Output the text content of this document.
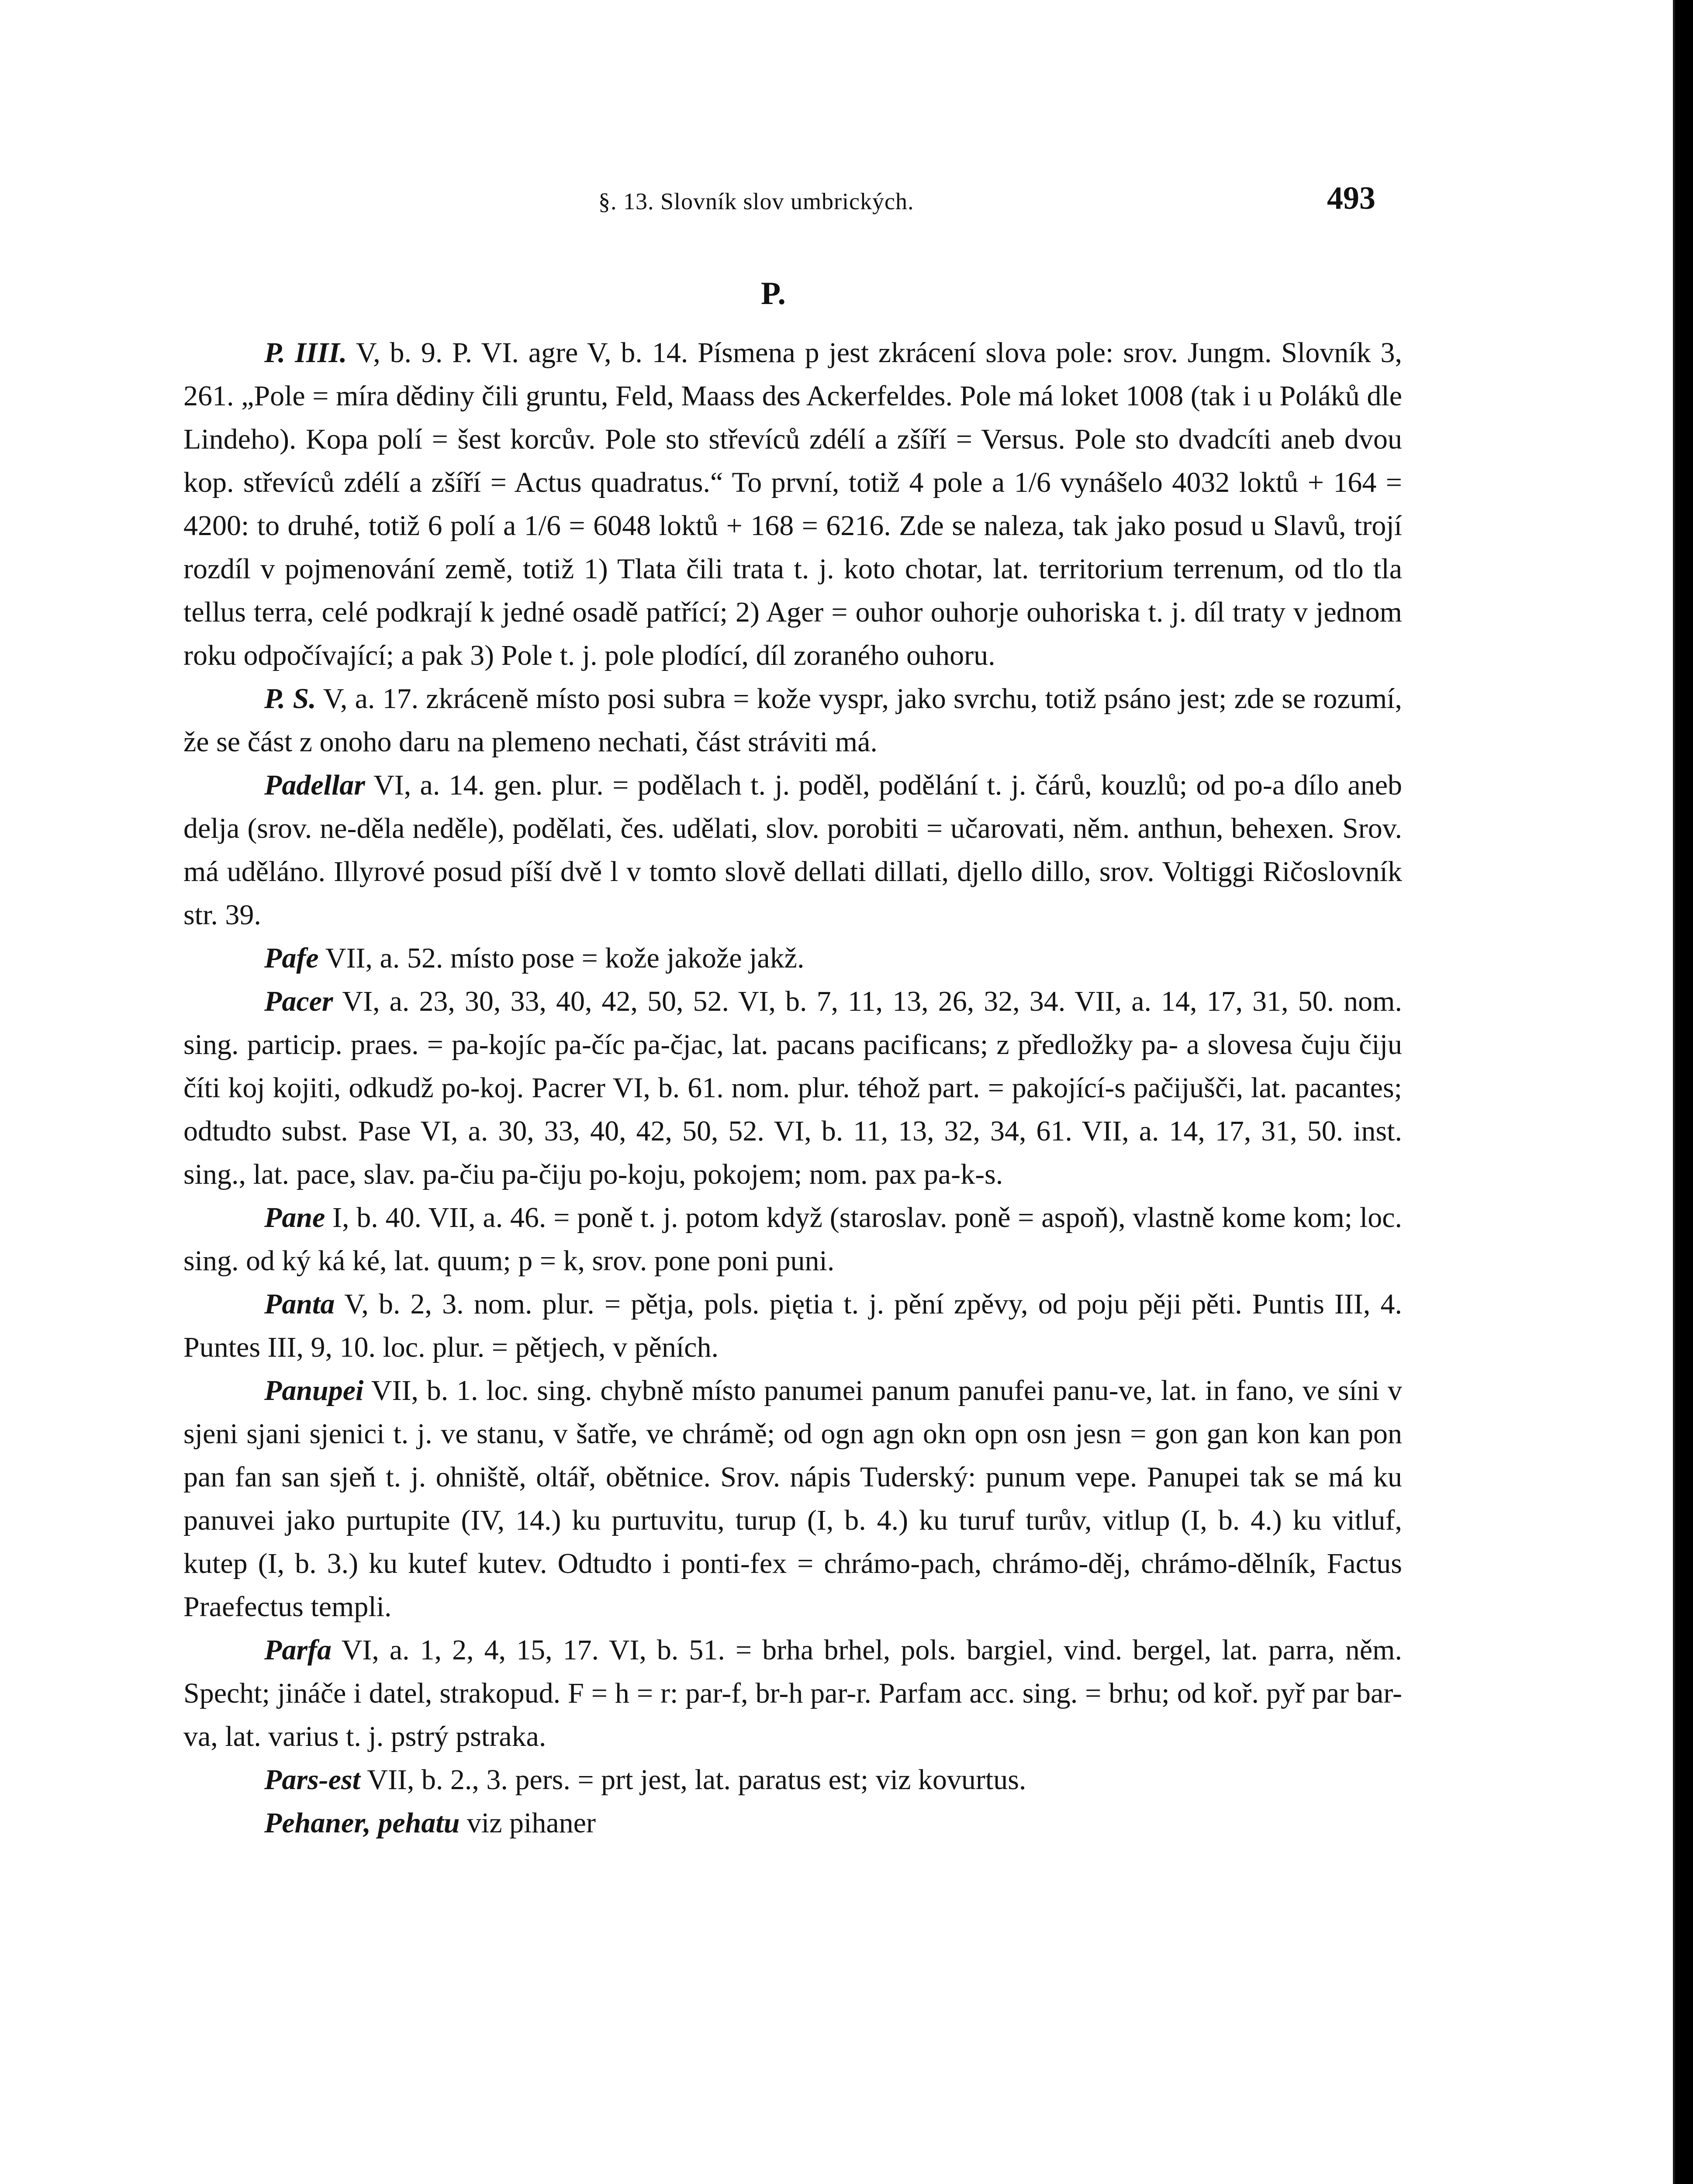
§. 13. Slovník slov umbrických.	493
P.

P. IIII. V, b. 9. P. VI. agre V, b. 14. Písmena p jest zkrácení slova pole: srov. Jungm. Slovník 3, 261. „Pole = míra dědiny čili gruntu, Feld, Maass des Ackerfeldes. Pole má loket 1008 (tak i u Poláků dle Lindeho). Kopa polí = šest korcův. Pole sto střevíců zdélí a zšíří = Versus. Pole sto dvadcíti aneb dvou kop. střevíců zdélí a zšíří = Actus quadratus.“ To první, totiž 4 pole a 1/6 vynášelo 4032 loktů + 164 = 4200: to druhé, totiž 6 polí a 1/6 = 6048 loktů + 168 = 6216. Zde se naleza, tak jako posud u Slavů, trojí rozdíl v pojmenování země, totiž 1) Tlata čili trata t. j. koto chotar, lat. territorium terrenum, od tlo tla tellus terra, celé podkrají k jedné osadě patřící; 2) Ager = ouhor ouhorje ouhoriska t. j. díl traty v jednom roku odpočívající; a pak 3) Pole t. j. pole plodící, díl zoraného ouhoru.

P. S. V, a. 17. zkrácenĕ místo posi subra = kože vyspr, jako svrchu, totiž psáno jest; zde se rozumí, že se část z onoho daru na plemeno nechati, část stráviti má.

Padellar VI, a. 14. gen. plur. = podělach t. j. poděl, podělání t. j. čárů, kouzlů; od po-a dílo aneb delja (srov. ne-děla neděle), podělati, čes. udělati, slov. porobiti = učarovati, něm. anthun, behexen. Srov. má uděláno. Illyrové posud píší dvě l v tomto slově dellati dillati, djello dillo, srov. Voltiggi Ričoslovník str. 39.

Pafe VII, a. 52. místo pose = kože jakože jakž.

Pacer VI, a. 23, 30, 33, 40, 42, 50, 52. VI, b. 7, 11, 13, 26, 32, 34. VII, a. 14, 17, 31, 50. nom. sing. particip. praes. = pa-kojíc pa-číc pa-čjac, lat. pacans pacificans; z předložky pa- a slovesa čuju čiju číti koj kojiti, odkudž po-koj. Pacrer VI, b. 61. nom. plur. téhož part. = pakojící-s pačijušči, lat. pacantes; odtudto subst. Pase VI, a. 30, 33, 40, 42, 50, 52. VI, b. 11, 13, 32, 34, 61. VII, a. 14, 17, 31, 50. inst. sing., lat. pace, slav. pa-čiu pa-čiju po-koju, pokojem; nom. pax pa-k-s.

Pane I, b. 40. VII, a. 46. = poně t. j. potom když (staroslav. poně = aspoň), vlastně kome kom; loc. sing. od ký ká ké, lat. quum; p = k, srov. pone poni puni.

Panta V, b. 2, 3. nom. plur. = pětja, pols. piętia t. j. pění zpěvy, od poju pěji pěti. Puntis III, 4. Puntes III, 9, 10. loc. plur. = pětjech, v pěních.

Panupei VII, b. 1. loc. sing. chybně místo panumei panum panufei panu-ve, lat. in fano, ve síni v sjeni sjani sjenici t. j. ve stanu, v šatře, ve chrámě; od ogn agn okn opn osn jesn = gon gan kon kan pon pan fan san sjeň t. j. ohniště, oltář, obětnice. Srov. nápis Tuderský: punum vepe. Panupei tak se má ku panuvei jako purtupite (IV, 14.) ku purtuvitu, turup (I, b. 4.) ku turuf turův, vitlup (I, b. 4.) ku vitluf, kutep (I, b. 3.) ku kutef kutev. Odtudto i ponti-fex = chrámo-pach, chrámo-děj, chrámo-dělník, Factus Praefectus templi.

Parfa VI, a. 1, 2, 4, 15, 17. VI, b. 51. = brha brhel, pols. bargiel, vind. bergel, lat. parra, něm. Specht; jináče i datel, strakopud. F = h = r: par-f, br-h par-r. Parfam acc. sing. = brhu; od koř. pyř par bar-va, lat. varius t. j. pstrý pstraka.

Pars-est VII, b. 2., 3. pers. = prt jest, lat. paratus est; viz kovurtus.

Pehaner, pehatu viz pihaner
